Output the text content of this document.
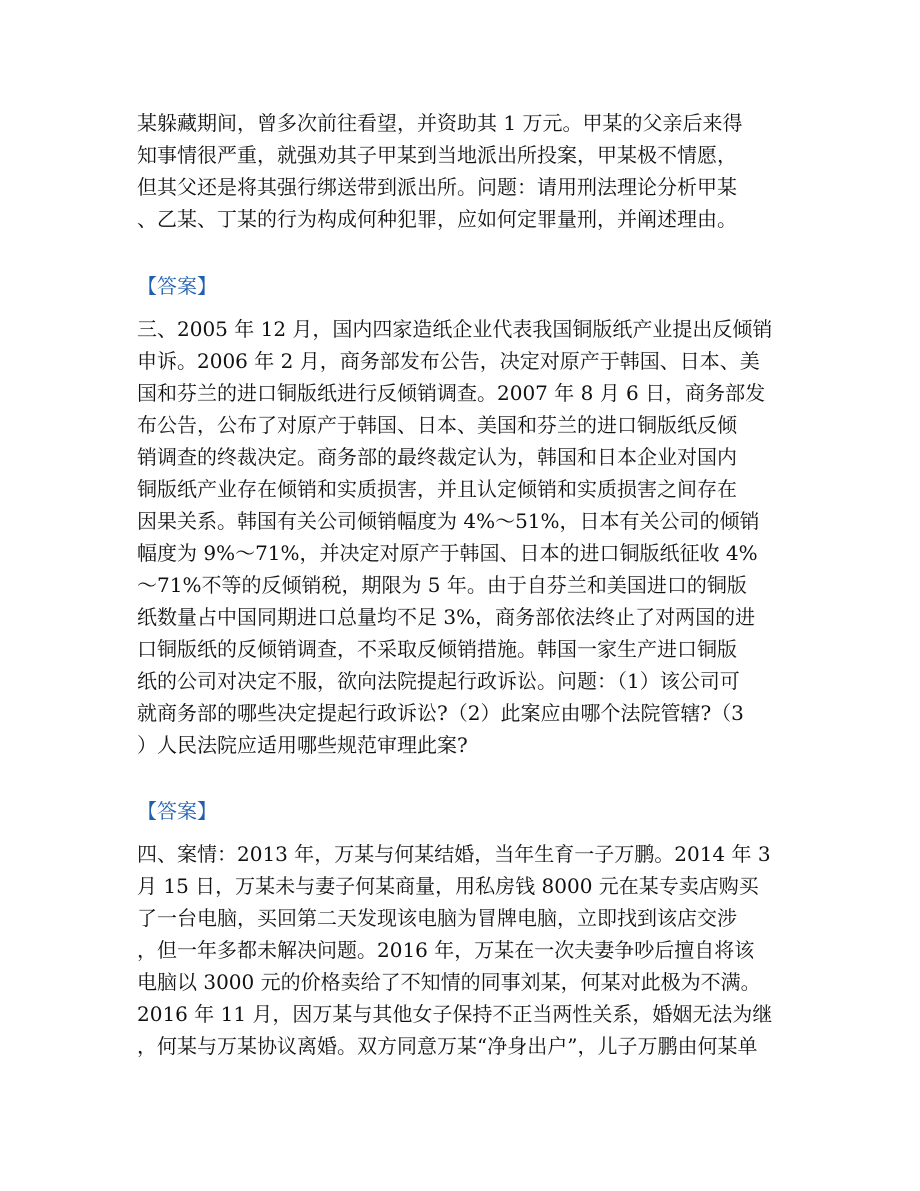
某躲藏期间，曾多次前往看望，并资助其 1 万元。甲某的父亲后来得
知事情很严重，就强劝其子甲某到当地派出所投案，甲某极不情愿，
但其父还是将其强行绑送带到派出所。问题：请用刑法理论分析甲某
、乙某、丁某的行为构成何种犯罪，应如何定罪量刑，并阐述理由。

【答案】

三、2005 年 12 月，国内四家造纸企业代表我国铜版纸产业提出反倾销
申诉。2006 年 2 月，商务部发布公告，决定对原产于韩国、日本、美
国和芬兰的进口铜版纸进行反倾销调查。2007 年 8 月 6 日，商务部发
布公告，公布了对原产于韩国、日本、美国和芬兰的进口铜版纸反倾
销调查的终裁决定。商务部的最终裁定认为，韩国和日本企业对国内
铜版纸产业存在倾销和实质损害，并且认定倾销和实质损害之间存在
因果关系。韩国有关公司倾销幅度为 4%～51%，日本有关公司的倾销
幅度为 9%～71%，并决定对原产于韩国、日本的进口铜版纸征收 4%
～71%不等的反倾销税，期限为 5 年。由于自芬兰和美国进口的铜版
纸数量占中国同期进口总量均不足 3%，商务部依法终止了对两国的进
口铜版纸的反倾销调查，不采取反倾销措施。韩国一家生产进口铜版
纸的公司对决定不服，欲向法院提起行政诉讼。问题：（1）该公司可
就商务部的哪些决定提起行政诉讼?（2）此案应由哪个法院管辖?（3
）人民法院应适用哪些规范审理此案?

【答案】

四、案情：2013 年，万某与何某结婚，当年生育一子万鹏。2014 年 3
月 15 日，万某未与妻子何某商量，用私房钱 8000 元在某专卖店购买
了一台电脑，买回第二天发现该电脑为冒牌电脑，立即找到该店交涉
，但一年多都未解决问题。2016 年，万某在一次夫妻争吵后擅自将该
电脑以 3000 元的价格卖给了不知情的同事刘某，何某对此极为不满。
2016 年 11 月，因万某与其他女子保持不正当两性关系，婚姻无法为继
，何某与万某协议离婚。双方同意万某“净身出户”，儿子万鹏由何某单
